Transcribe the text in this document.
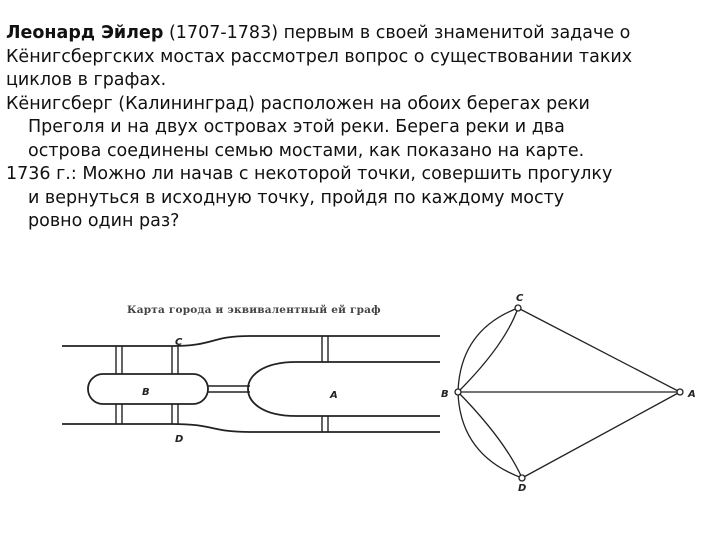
Леонард Эйлер (1707-1783) первым в своей знаменитой задаче о
Кёнигсбергских мостах рассмотрел вопрос о существовании таких
циклов в графах.

Кёнигсберг (Калининград) расположен на обоих берегах реки
Преголя и на двух островах этой реки. Берега реки и два
острова соединены семью мостами, как показано на карте.

1736 г.: Можно ли начав с некоторой точки, совершить прогулку
и вернуться в исходную точку, пройдя по каждому мосту
ровно один раз?

Карта города и эквивалентный ей граф
C
B	A
D
C
B	A
D
